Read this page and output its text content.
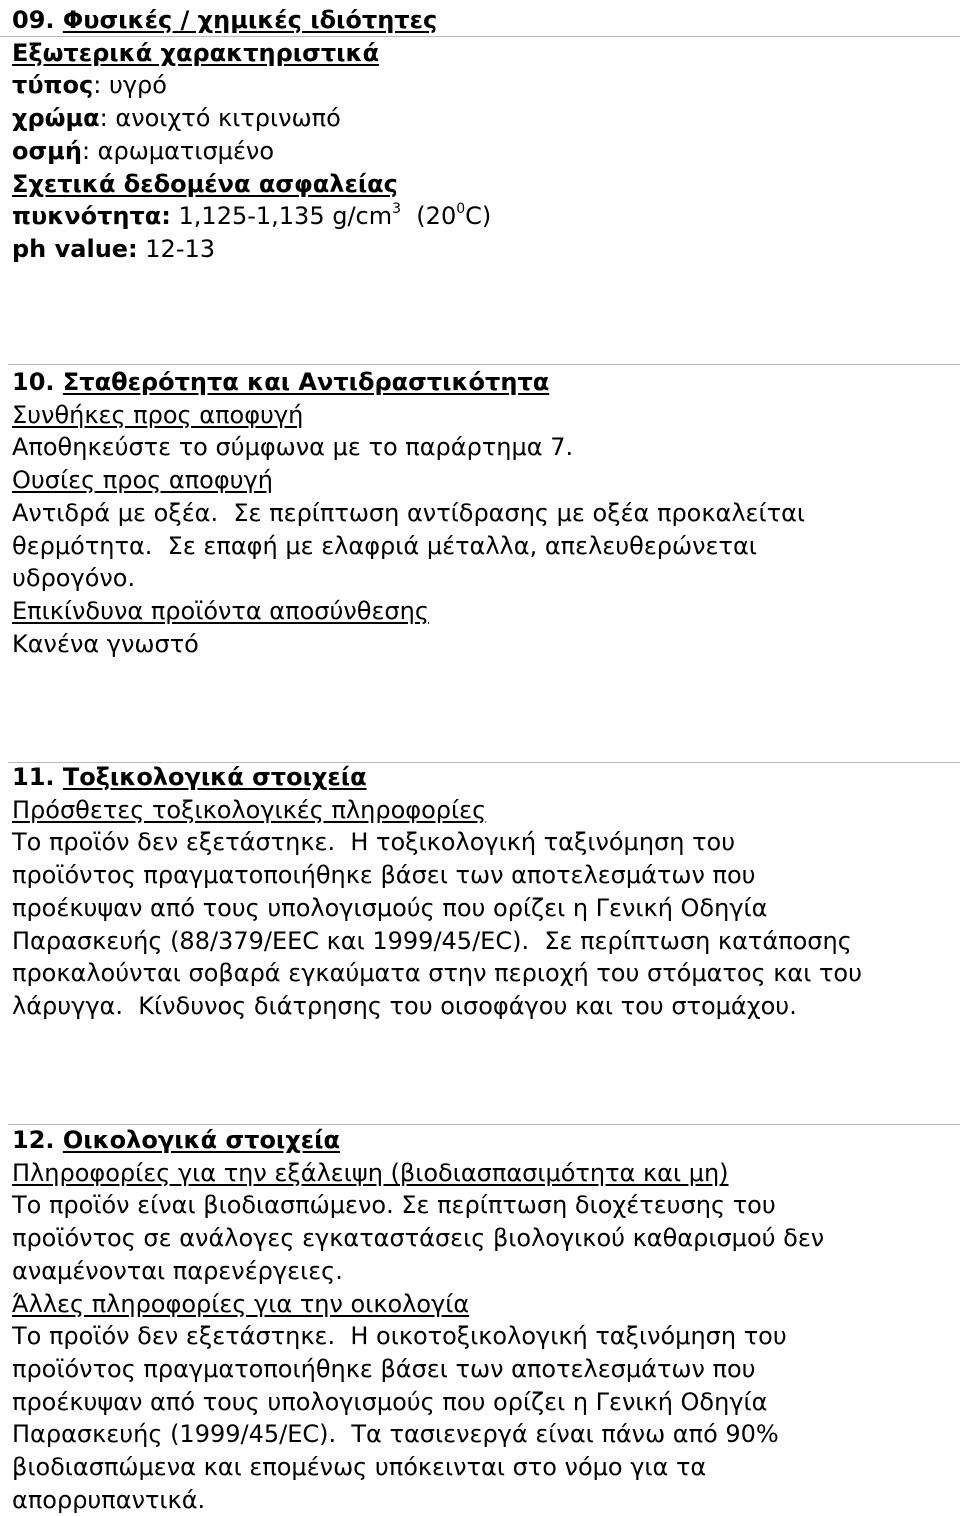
09. Φυσικές / χημικές ιδιότητες
Εξωτερικά χαρακτηριστικά
τύπος: υγρό
χρώμα: ανοιχτό κιτρινωπό
οσμή: αρωματισμένο
Σχετικά δεδομένα ασφαλείας
πυκνότητα: 1,125-1,135 $g/cm^3$  $(20^0C)$
ph value: 12-13
10. Σταθερότητα και Αντιδραστικότητα
Συνθήκες προς αποφυγή
Αποθηκεύστε το σύμφωνα με το παράρτημα 7.
Ουσίες προς αποφυγή
Αντιδρά με οξέα.  Σε περίπτωση αντίδρασης με οξέα προκαλείται
θερμότητα.  Σε επαφή με ελαφριά μέταλλα, απελευθερώνεται
υδρογόνο.
Επικίνδυνα προϊόντα αποσύνθεσης
Κανένα γνωστό
11. Τοξικολογικά στοιχεία
Πρόσθετες τοξικολογικές πληροφορίες
Το προϊόν δεν εξετάστηκε.  Η τοξικολογική ταξινόμηση του
προϊόντος πραγματοποιήθηκε βάσει των αποτελεσμάτων που
προέκυψαν από τους υπολογισμούς που ορίζει η Γενική Οδηγία
Παρασκευής (88/379/EEC και 1999/45/EC).  Σε περίπτωση κατάποσης
προκαλούνται σοβαρά εγκαύματα στην περιοχή του στόματος και του
λάρυγγα.  Κίνδυνος διάτρησης του οισοφάγου και του στομάχου.
12. Οικολογικά στοιχεία
Πληροφορίες για την εξάλειψη (βιοδιασπασιμότητα και μη)
Το προϊόν είναι βιοδιασπώμενο. Σε περίπτωση διοχέτευσης του
προϊόντος σε ανάλογες εγκαταστάσεις βιολογικού καθαρισμού δεν
αναμένονται παρενέργειες.
Άλλες πληροφορίες για την οικολογία
Το προϊόν δεν εξετάστηκε.  Η οικοτοξικολογική ταξινόμηση του
προϊόντος πραγματοποιήθηκε βάσει των αποτελεσμάτων που
προέκυψαν από τους υπολογισμούς που ορίζει η Γενική Οδηγία
Παρασκευής (1999/45/EC).  Τα τασιενεργά είναι πάνω από 90%
βιοδιασπώμενα και επομένως υπόκεινται στο νόμο για τα
απορρυπαντικά.
